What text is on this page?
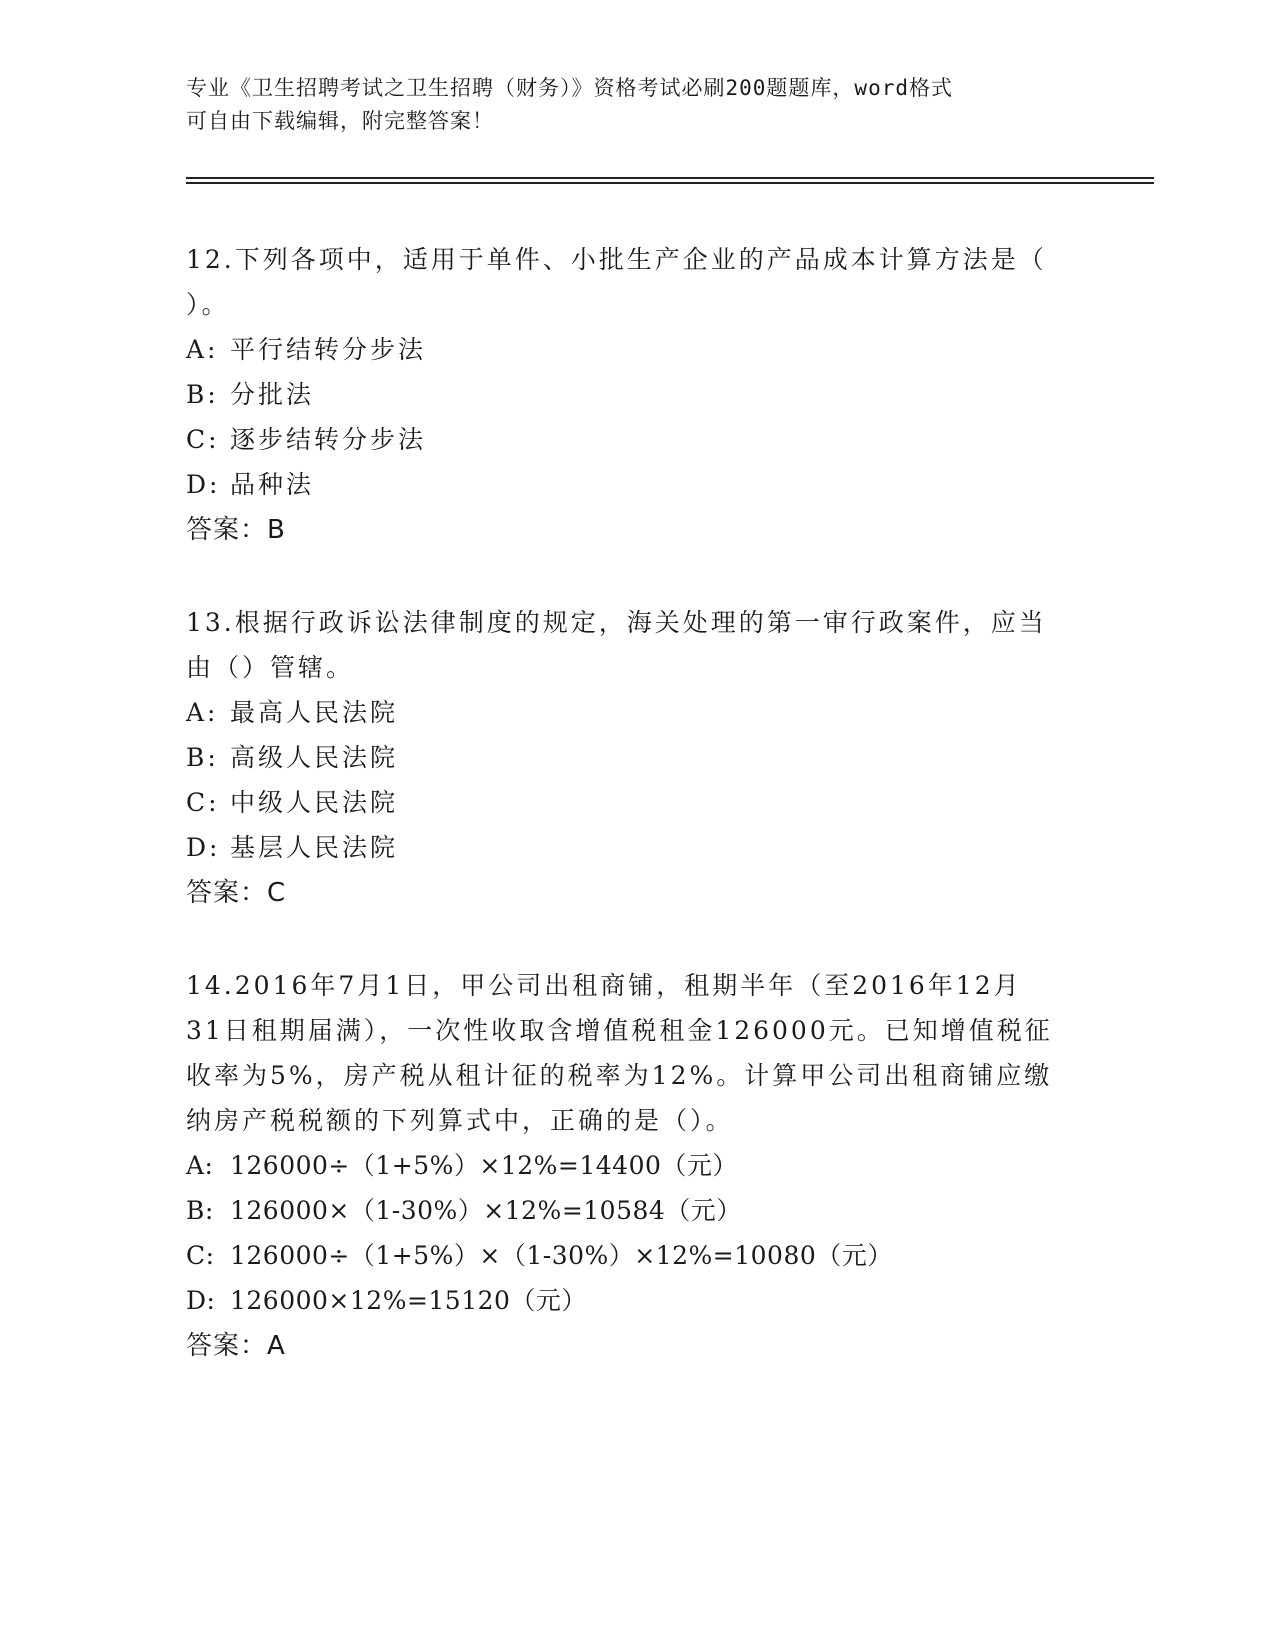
专业《卫生招聘考试之卫生招聘（财务）》资格考试必刷200题题库，word格式
可自由下载编辑，附完整答案！

12.下列各项中，适用于单件、小批生产企业的产品成本计算方法是（

）。

A: 平行结转分步法

B: 分批法

C: 逐步结转分步法

D: 品种法

答案：B

13.根据行政诉讼法律制度的规定，海关处理的第一审行政案件，应当

由（）管辖。

A: 最高人民法院

B: 高级人民法院

C: 中级人民法院

D: 基层人民法院

答案：C

14.2016年7月1日，甲公司出租商铺，租期半年（至2016年12月

31日租期届满），一次性收取含增值税租金126000元。已知增值税征

收率为5%，房产税从租计征的税率为12%。计算甲公司出租商铺应缴

纳房产税税额的下列算式中，正确的是（）。

A: 126000÷（1+5%）×12%=14400（元）

B: 126000×（1-30%）×12%=10584（元）

C: 126000÷（1+5%）×（1-30%）×12%=10080（元）

D: 126000×12%=15120（元）

答案：A
